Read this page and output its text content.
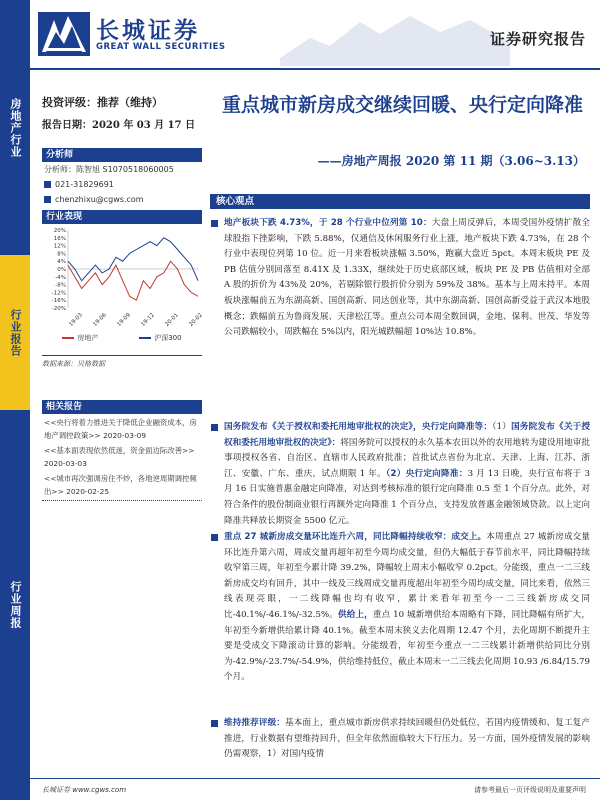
房地产行业
行业报告
行业周报
长城证券
GREAT WALL SECURITIES	证券研究报告
投资评级：推荐（维持）
报告日期：2020 年 03 月 17 日
重点城市新房成交继续回暖、央行定向降准
——房地产周报 2020 第 11 期（3.06~3.13）
分析师
分析师：陈智旭 S1070518060005
021-31829691
chenzhixu@cgws.com
行业表现
20%
16%
12%
8%
4%
0%
-4%
-8%
-12%
-16%
-20%
19-03 19-06 19-09 19-12 20-01 20-02
房地产	沪深300
数据来源：贝格数据
相关报告
<<央行将着力推进关于降低企业融资成本，房地产调控政策>> 2020-03-09
<<基本面表现依然低迷，资金面边际改善>> 2020-03-03
<<城市再次强调房住不炒，各地逆周期调控频出>> 2020-02-25
核心观点
地产板块下跌 4.73%，于 28 个行业中位列第 10：大盘上周反弹后，本周受国外疫情扩散全球股指下挫影响，下跌 5.88%，仅通信及休闲服务行业上涨，地产板块下跌 4.73%，在 28 个行业中表现位列第 10 位。近一月来看板块涨幅 3.50%，跑赢大盘近 5pct。本周末板块 PE 及 PB 估值分别回落至 8.41X 及 1.33X，继续处于历史底部区域，板块 PE 及 PB 估值相对全部 A 股的折价为 43%及 20%，若剔除银行股折价分别为 59%及 38%。基本与上周末持平。本周板块涨幅前五为东湖高新、国创高新、同达创业等，其中东湖高新、国创高新受益于武汉本地股概念；跌幅前五为鲁商发展、天津松江等。重点公司本周全数回调，金地、保利、世茂、华发等公司跌幅较小，周跌幅在 5%以内，阳光城跌幅超 10%达 10.8%。
国务院发布《关于授权和委托用地审批权的决定》，央行定向降准等：（1）国务院发布《关于授权和委托用地审批权的决定》：将国务院可以授权的永久基本农田以外的农用地转为建设用地审批事项授权各省、自治区、直辖市人民政府批准；首批试点省份为北京、天津、上海、江苏、浙江、安徽、广东、重庆，试点期限 1 年。（2）央行定向降准：3 月 13 日晚，央行宣布将于 3 月 16 日实施普惠金融定向降准，对达到考核标准的银行定向降准 0.5 至 1 个百分点。此外，对符合条件的股份制商业银行再额外定向降准 1 个百分点，支持发放普惠金融领域贷款。以上定向降准共释放长期资金 5500 亿元。
重点 27 城新房成交量环比连升六周，同比降幅持续收窄：成交上。本周重点 27 城新房成交量环比连升第六周，周成交量再超年初至今周均成交量，但仍大幅低于春节前水平，同比降幅持续收窄第三周，年初至今累计降 39.2%，降幅较上周末小幅收窄 0.2pct。分能级，重点一二三线新房成交均有回升，其中一线及三线周成交量再度超出年初至今周均成交量，同比来看，依然三线表现亮眼，一二线降幅也均有收窄，累计来看年初至今一二三线新房成交同比-40.1%/-46.1%/-32.5%。供给上，重点 10 城新增供给本周略有下降，同比降幅有所扩大，年初至今新增供给累计降 40.1%。截至本周末狭义去化周期 12.47 个月，去化周期不断提升主要是受成交下降滚动计算的影响。分能级看，年初至今重点一二三线累计新增供给同比分别为-42.9%/-23.7%/-54.9%，供给维持低位，截止本周末一二三线去化周期 10.93 /6.84/15.79 个月。
维持推荐评级：基本面上，重点城市新房供求持续回暖但仍处低位，若国内疫情缓和、复工复产推进，行业数据有望维持回升，但全年依然面临较大下行压力。另一方面，国外疫情发展的影响仍需观察，1）对国内疫情
长城证券 www.cgws.com	请参考最后一页评级说明及重要声明
